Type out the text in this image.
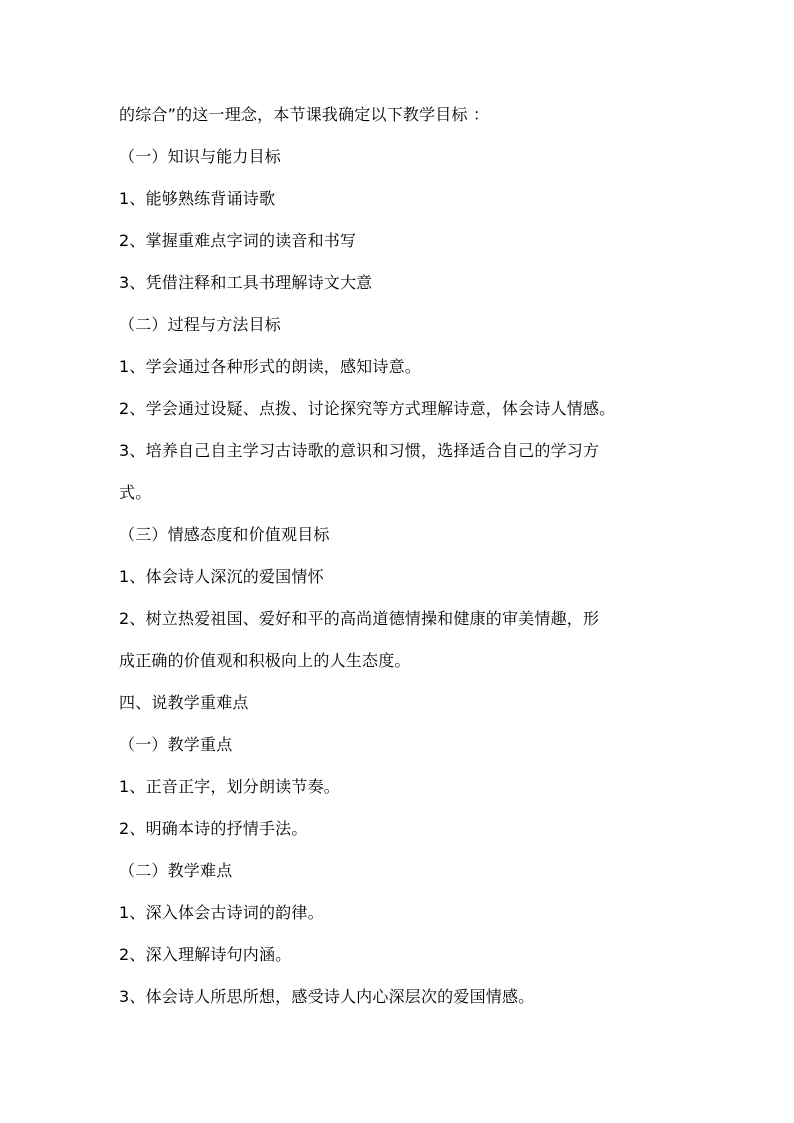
的综合”的这一理念，本节课我确定以下教学目标 ：
（一）知识与能力目标
1、能够熟练背诵诗歌
2、掌握重难点字词的读音和书写
3、凭借注释和工具书理解诗文大意
（二）过程与方法目标
1、学会通过各种形式的朗读，感知诗意。
2、学会通过设疑、点拨、讨论探究等方式理解诗意，体会诗人情感。
3、培养自己自主学习古诗歌的意识和习惯，选择适合自己的学习方
式。
（三）情感态度和价值观目标
1、体会诗人深沉的爱国情怀
2、树立热爱祖国、爱好和平的高尚道德情操和健康的审美情趣，形
成正确的价值观和积极向上的人生态度。
四、说教学重难点
（一）教学重点
1、正音正字，划分朗读节奏。
2、明确本诗的抒情手法。
（二）教学难点
1、深入体会古诗词的韵律。
2、深入理解诗句内涵。
3、体会诗人所思所想，感受诗人内心深层次的爱国情感。
